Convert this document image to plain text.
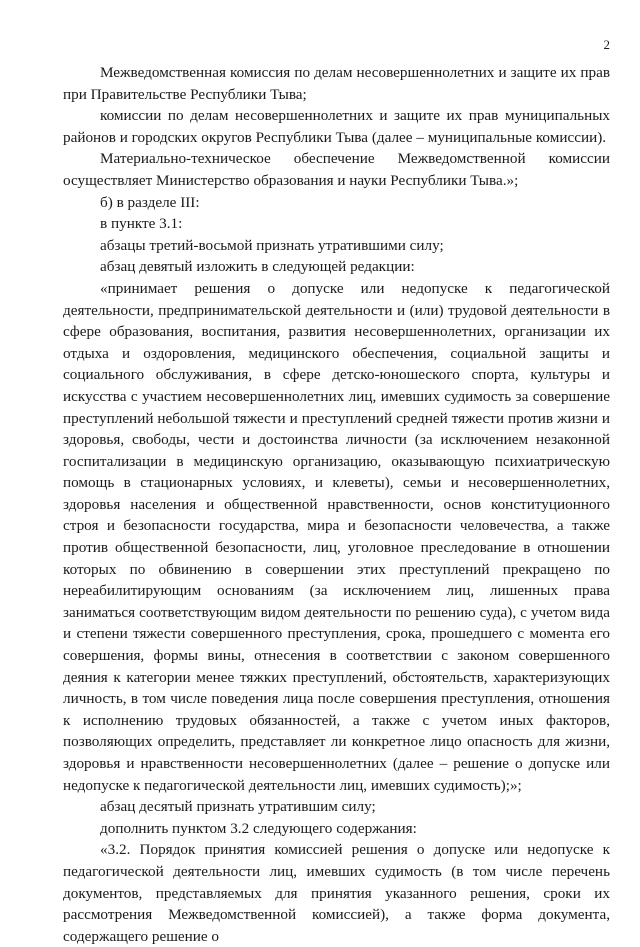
2

Межведомственная комиссия по делам несовершеннолетних и защите их прав при Правительстве Республики Тыва;

комиссии по делам несовершеннолетних и защите их прав муниципальных районов и городских округов Республики Тыва (далее – муниципальные комиссии).

Материально-техническое обеспечение Межведомственной комиссии осуществляет Министерство образования и науки Республики Тыва.»;

б) в разделе III:

в пункте 3.1:

абзацы третий-восьмой признать утратившими силу;

абзац девятый изложить в следующей редакции:

«принимает решения о допуске или недопуске к педагогической деятельности, предпринимательской деятельности и (или) трудовой деятельности в сфере образования, воспитания, развития несовершеннолетних, организации их отдыха и оздоровления, медицинского обеспечения, социальной защиты и социального обслуживания, в сфере детско-юношеского спорта, культуры и искусства с участием несовершеннолетних лиц, имевших судимость за совершение преступлений небольшой тяжести и преступлений средней тяжести против жизни и здоровья, свободы, чести и достоинства личности (за исключением незаконной госпитализации в медицинскую организацию, оказывающую психиатрическую помощь в стационарных условиях, и клеветы), семьи и несовершеннолетних, здоровья населения и общественной нравственности, основ конституционного строя и безопасности государства, мира и безопасности человечества, а также против общественной безопасности, лиц, уголовное преследование в отношении которых по обвинению в совершении этих преступлений прекращено по нереабилитирующим основаниям (за исключением лиц, лишенных права заниматься соответствующим видом деятельности по решению суда), с учетом вида и степени тяжести совершенного преступления, срока, прошедшего с момента его совершения, формы вины, отнесения в соответствии с законом совершенного деяния к категории менее тяжких преступлений, обстоятельств, характеризующих личность, в том числе поведения лица после совершения преступления, отношения к исполнению трудовых обязанностей, а также с учетом иных факторов, позволяющих определить, представляет ли конкретное лицо опасность для жизни, здоровья и нравственности несовершеннолетних (далее – решение о допуске или недопуске к педагогической деятельности лиц, имевших судимость);»;

абзац десятый признать утратившим силу;

дополнить пунктом 3.2 следующего содержания:

«3.2. Порядок принятия комиссией решения о допуске или недопуске к педагогической деятельности лиц, имевших судимость (в том числе перечень документов, представляемых для принятия указанного решения, сроки их рассмотрения Межведомственной комиссией), а также форма документа, содержащего решение о
